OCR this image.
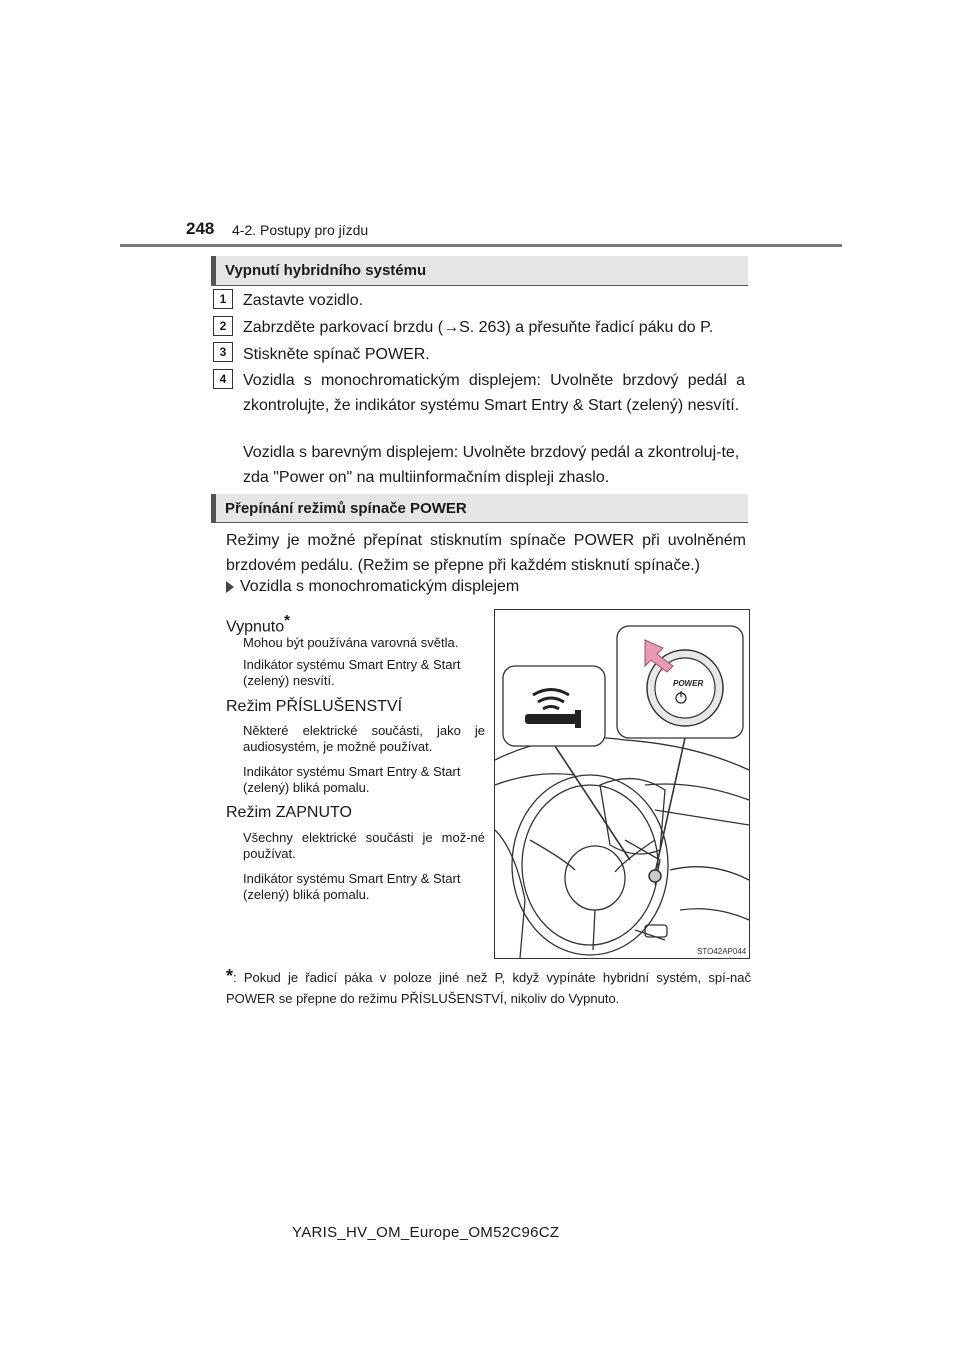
248 4-2. Postupy pro jízdu
Vypnutí hybridního systému
1	Zastavte vozidlo.
2	Zabrzděte parkovací brzdu (→S. 263) a přesuňte řadicí páku do P.
3	Stiskněte spínač POWER.
4	Vozidla s monochromatickým displejem: Uvolněte brzdový pedál a zkontrolujte, že indikátor systému Smart Entry & Start (zelený) nesvítí.
Vozidla s barevným displejem: Uvolněte brzdový pedál a zkontroluj-te, zda "Power on" na multiinformačním displeji zhaslo.
Přepínání režimů spínače POWER
Režimy je možné přepínat stisknutím spínače POWER při uvolněném brzdovém pedálu. (Režim se přepne při každém stisknutí spínače.)
Vozidla s monochromatickým displejem
Vypnuto*
Mohou být používána varovná světla.
Indikátor systému Smart Entry & Start (zelený) nesvítí.
Režim PŘÍSLUŠENSTVÍ
Některé elektrické součásti, jako je audiosystém, je možné používat.
Indikátor systému Smart Entry & Start (zelený) bliká pomalu.
Režim ZAPNUTO
Všechny elektrické součásti je mož-né používat.
Indikátor systému Smart Entry & Start (zelený) bliká pomalu.
POWER
STO42AP044
*: Pokud je řadicí páka v poloze jiné než P, když vypínáte hybridní systém, spí-nač POWER se přepne do režimu PŘÍSLUŠENSTVÍ, nikoliv do Vypnuto.
YARIS_HV_OM_Europe_OM52C96CZ
